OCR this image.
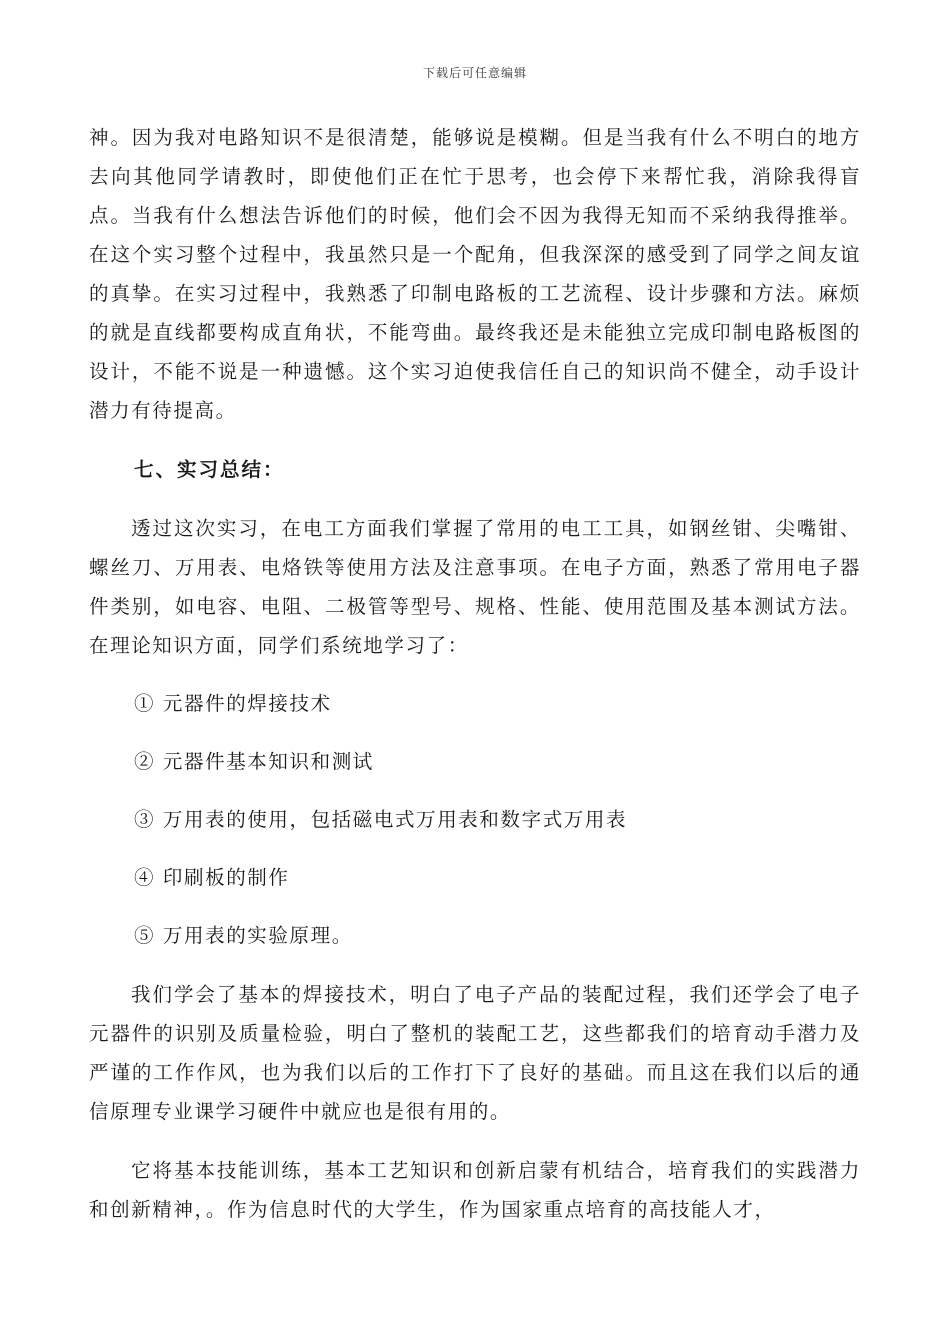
下载后可任意编辑

神。因为我对电路知识不是很清楚，能够说是模糊。但是当我有什么不明白的地方去向其他同学请教时，即使他们正在忙于思考，也会停下来帮忙我，消除我得盲点。当我有什么想法告诉他们的时候，他们会不因为我得无知而不采纳我得推举。在这个实习整个过程中，我虽然只是一个配角，但我深深的感受到了同学之间友谊的真挚。在实习过程中，我熟悉了印制电路板的工艺流程、设计步骤和方法。麻烦的就是直线都要构成直角状，不能弯曲。最终我还是未能独立完成印制电路板图的设计，不能不说是一种遗憾。这个实习迫使我信任自己的知识尚不健全，动手设计潜力有待提高。

七、实习总结：

透过这次实习，在电工方面我们掌握了常用的电工工具，如钢丝钳、尖嘴钳、螺丝刀、万用表、电烙铁等使用方法及注意事项。在电子方面，熟悉了常用电子器件类别，如电容、电阻、二极管等型号、规格、性能、使用范围及基本测试方法。在理论知识方面，同学们系统地学习了：

① 元器件的焊接技术

② 元器件基本知识和测试

③ 万用表的使用，包括磁电式万用表和数字式万用表

④ 印刷板的制作

⑤ 万用表的实验原理。

我们学会了基本的焊接技术，明白了电子产品的装配过程，我们还学会了电子元器件的识别及质量检验，明白了整机的装配工艺，这些都我们的培育动手潜力及严谨的工作作风，也为我们以后的工作打下了良好的基础。而且这在我们以后的通信原理专业课学习硬件中就应也是很有用的。

它将基本技能训练，基本工艺知识和创新启蒙有机结合，培育我们的实践潜力和创新精神，。作为信息时代的大学生，作为国家重点培育的高技能人才，
